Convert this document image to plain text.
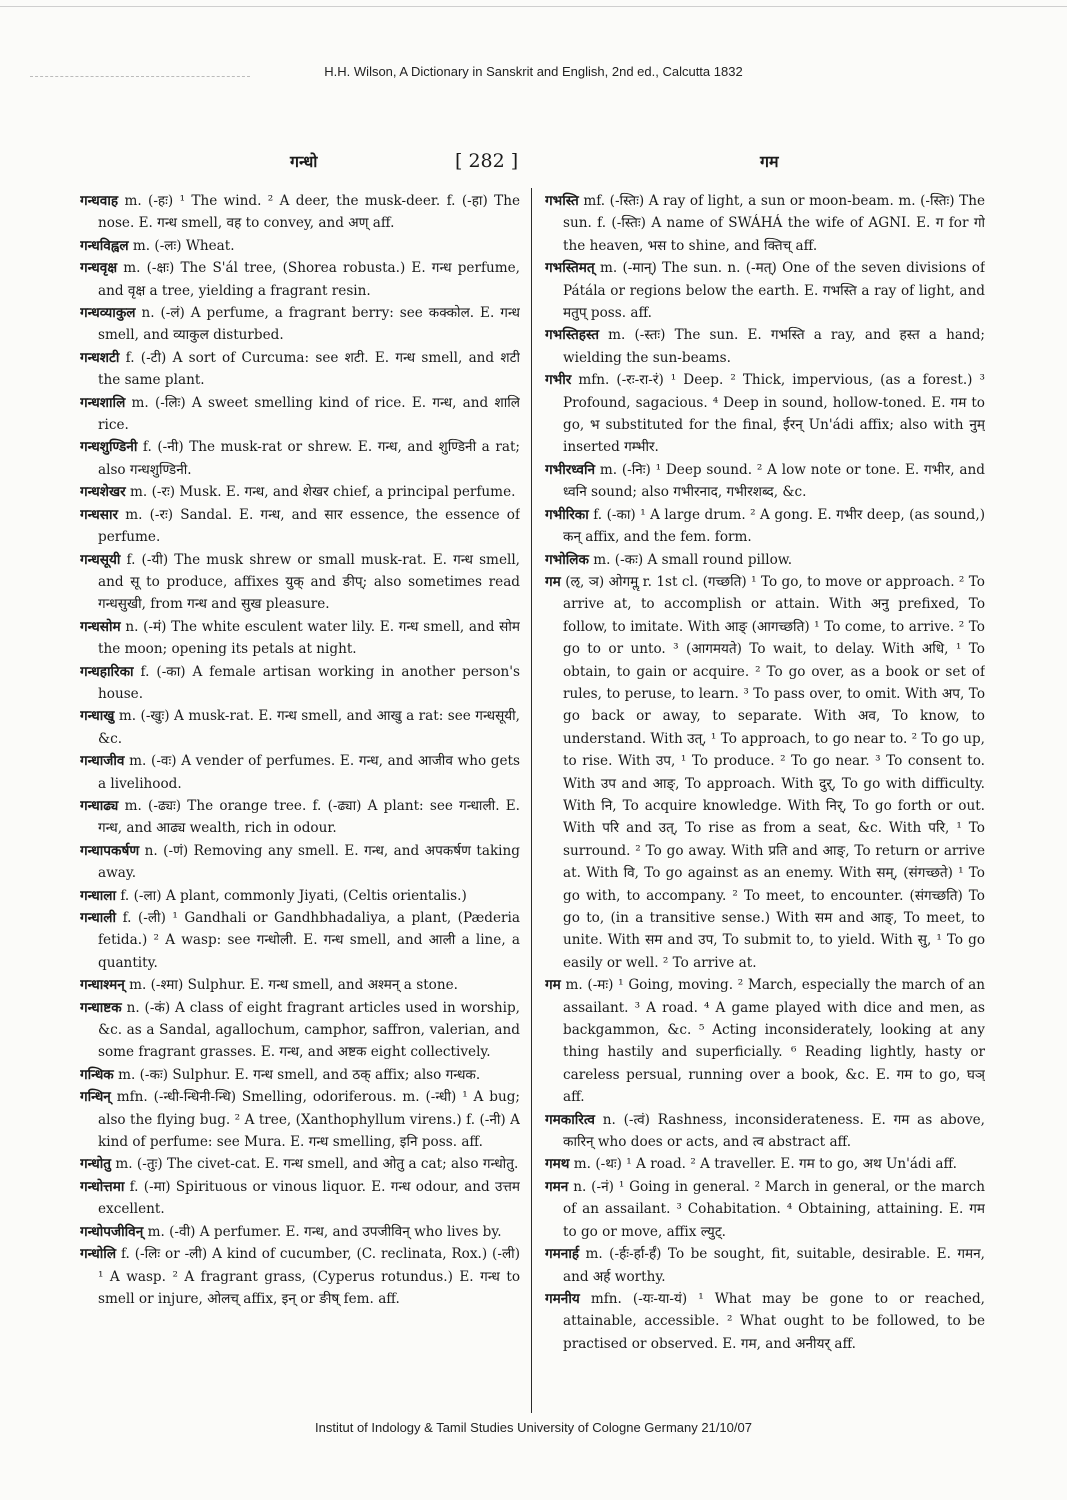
H.H. Wilson, A Dictionary in Sanskrit and English, 2nd ed., Calcutta 1832
गन्धो	[ 282 ]	गम

गन्धवाह m. (-हः) ¹ The wind. ² A deer, the musk-deer. f. (-हा) The nose. E. गन्ध smell, वह to convey, and अण् aff.

गन्धविह्वल m. (-लः) Wheat.

गन्धवृक्ष m. (-क्षः) The S'ál tree, (Shorea robusta.) E. गन्ध perfume, and वृक्ष a tree, yielding a fragrant resin.

गन्धव्याकुल n. (-लं) A perfume, a fragrant berry: see कक्कोल. E. गन्ध smell, and व्याकुल disturbed.

गन्धशटी f. (-टी) A sort of Curcuma: see शटी. E. गन्ध smell, and शटी the same plant.

गन्धशालि m. (-लिः) A sweet smelling kind of rice. E. गन्ध, and शालि rice.

गन्धशुण्डिनी f. (-नी) The musk-rat or shrew. E. गन्ध, and शुण्डिनी a rat; also गन्धशुण्डिनी.

गन्धशेखर m. (-रः) Musk. E. गन्ध, and शेखर chief, a principal perfume.

गन्धसार m. (-रः) Sandal. E. गन्ध, and सार essence, the essence of perfume.

गन्धसूयी f. (-यी) The musk shrew or small musk-rat. E. गन्ध smell, and सू to produce, affixes युक् and ङीप्; also sometimes read गन्धसुखी, from गन्ध and सुख pleasure.

गन्धसोम n. (-मं) The white esculent water lily. E. गन्ध smell, and सोम the moon; opening its petals at night.

गन्धहारिका f. (-का) A female artisan working in another person's house.

गन्धाखु m. (-खुः) A musk-rat. E. गन्ध smell, and आखु a rat: see गन्धसूयी, &c.

गन्धाजीव m. (-वः) A vender of perfumes. E. गन्ध, and आजीव who gets a livelihood.

गन्धाढ्य m. (-ढ्यः) The orange tree. f. (-ढ्या) A plant: see गन्धाली. E. गन्ध, and आढ्य wealth, rich in odour.

गन्धापकर्षण n. (-णं) Removing any smell. E. गन्ध, and अपकर्षण taking away.

गन्धाला f. (-ला) A plant, commonly Jiyati, (Celtis orientalis.)

गन्धाली f. (-ली) ¹ Gandhali or Gandhbhadaliya, a plant, (Pæderia fetida.) ² A wasp: see गन्धोली. E. गन्ध smell, and आली a line, a quantity.

गन्धाश्मन् m. (-श्मा) Sulphur. E. गन्ध smell, and अश्मन् a stone.

गन्धाष्टक n. (-कं) A class of eight fragrant articles used in worship, &c. as a Sandal, agallochum, camphor, saffron, valerian, and some fragrant grasses. E. गन्ध, and अष्टक eight collectively.

गन्धिक m. (-कः) Sulphur. E. गन्ध smell, and ठक् affix; also गन्धक.

गन्धिन् mfn. (-न्धी-न्धिनी-न्धि) Smelling, odoriferous. m. (-न्धी) ¹ A bug; also the flying bug. ² A tree, (Xanthophyllum virens.) f. (-नी) A kind of perfume: see Mura. E. गन्ध smelling, इनि poss. aff.

गन्धोतु m. (-तुः) The civet-cat. E. गन्ध smell, and ओतु a cat; also गन्धोतु.

गन्धोत्तमा f. (-मा) Spirituous or vinous liquor. E. गन्ध odour, and उत्तम excellent.

गन्धोपजीविन् m. (-वी) A perfumer. E. गन्ध, and उपजीविन् who lives by.

गन्धोलि f. (-लिः or -ली) A kind of cucumber, (C. reclinata, Rox.) (-ली) ¹ A wasp. ² A fragrant grass, (Cyperus rotundus.) E. गन्ध to smell or injure, ओलच् affix, इन् or ङीष् fem. aff.

गभस्ति mf. (-स्तिः) A ray of light, a sun or moon-beam. m. (-स्तिः) The sun. f. (-स्तिः) A name of SWÁHÁ the wife of AGNI. E. ग for गो the heaven, भस to shine, and क्तिच् aff.

गभस्तिमत् m. (-मान्) The sun. n. (-मत्) One of the seven divisions of Pátála or regions below the earth. E. गभस्ति a ray of light, and मतुप् poss. aff.

गभस्तिहस्त m. (-स्तः) The sun. E. गभस्ति a ray, and हस्त a hand; wielding the sun-beams.

गभीर mfn. (-रः-रा-रं) ¹ Deep. ² Thick, impervious, (as a forest.) ³ Profound, sagacious. ⁴ Deep in sound, hollow-toned. E. गम to go, भ substituted for the final, ईरन् Un'ádi affix; also with नुम् inserted गम्भीर.

गभीरध्वनि m. (-निः) ¹ Deep sound. ² A low note or tone. E. गभीर, and ध्वनि sound; also गभीरनाद, गभीरशब्द, &c.

गभीरिका f. (-का) ¹ A large drum. ² A gong. E. गभीर deep, (as sound,) कन् affix, and the fem. form.

गभोलिक m. (-कः) A small round pillow.

गम (ऌ, ञ) ओगमॢ r. 1st cl. (गच्छति) ¹ To go, to move or approach. ² To arrive at, to accomplish or attain. With अनु prefixed, To follow, to imitate. With आङ् (आगच्छति) ¹ To come, to arrive. ² To go to or unto. ³ (आगमयते) To wait, to delay. With अधि, ¹ To obtain, to gain or acquire. ² To go over, as a book or set of rules, to peruse, to learn. ³ To pass over, to omit. With अप, To go back or away, to separate. With अव, To know, to understand. With उत्, ¹ To approach, to go near to. ² To go up, to rise. With उप, ¹ To produce. ² To go near. ³ To consent to. With उप and आङ्, To approach. With दुर्, To go with difficulty. With नि, To acquire knowledge. With निर्, To go forth or out. With परि and उत्, To rise as from a seat, &c. With परि, ¹ To surround. ² To go away. With प्रति and आङ्, To return or arrive at. With वि, To go against as an enemy. With सम्, (संगच्छते) ¹ To go with, to accompany. ² To meet, to encounter. (संगच्छति) To go to, (in a transitive sense.) With सम and आङ्, To meet, to unite. With सम and उप, To submit to, to yield. With सु, ¹ To go easily or well. ² To arrive at.

गम m. (-मः) ¹ Going, moving. ² March, especially the march of an assailant. ³ A road. ⁴ A game played with dice and men, as backgammon, &c. ⁵ Acting inconsiderately, looking at any thing hastily and superficially. ⁶ Reading lightly, hasty or careless persual, running over a book, &c. E. गम to go, घञ् aff.

गमकारित्व n. (-त्वं) Rashness, inconsiderateness. E. गम as above, कारिन् who does or acts, and त्व abstract aff.

गमथ m. (-थः) ¹ A road. ² A traveller. E. गम to go, अथ Un'ádi aff.

गमन n. (-नं) ¹ Going in general. ² March in general, or the march of an assailant. ³ Cohabitation. ⁴ Obtaining, attaining. E. गम to go or move, affix ल्युट्.

गमनार्ह m. (-र्हः-र्हा-र्हं) To be sought, fit, suitable, desirable. E. गमन, and अर्ह worthy.

गमनीय mfn. (-यः-या-यं) ¹ What may be gone to or reached, attainable, accessible. ² What ought to be followed, to be practised or observed. E. गम, and अनीयर् aff.

Institut of Indology & Tamil Studies University of Cologne Germany 21/10/07
